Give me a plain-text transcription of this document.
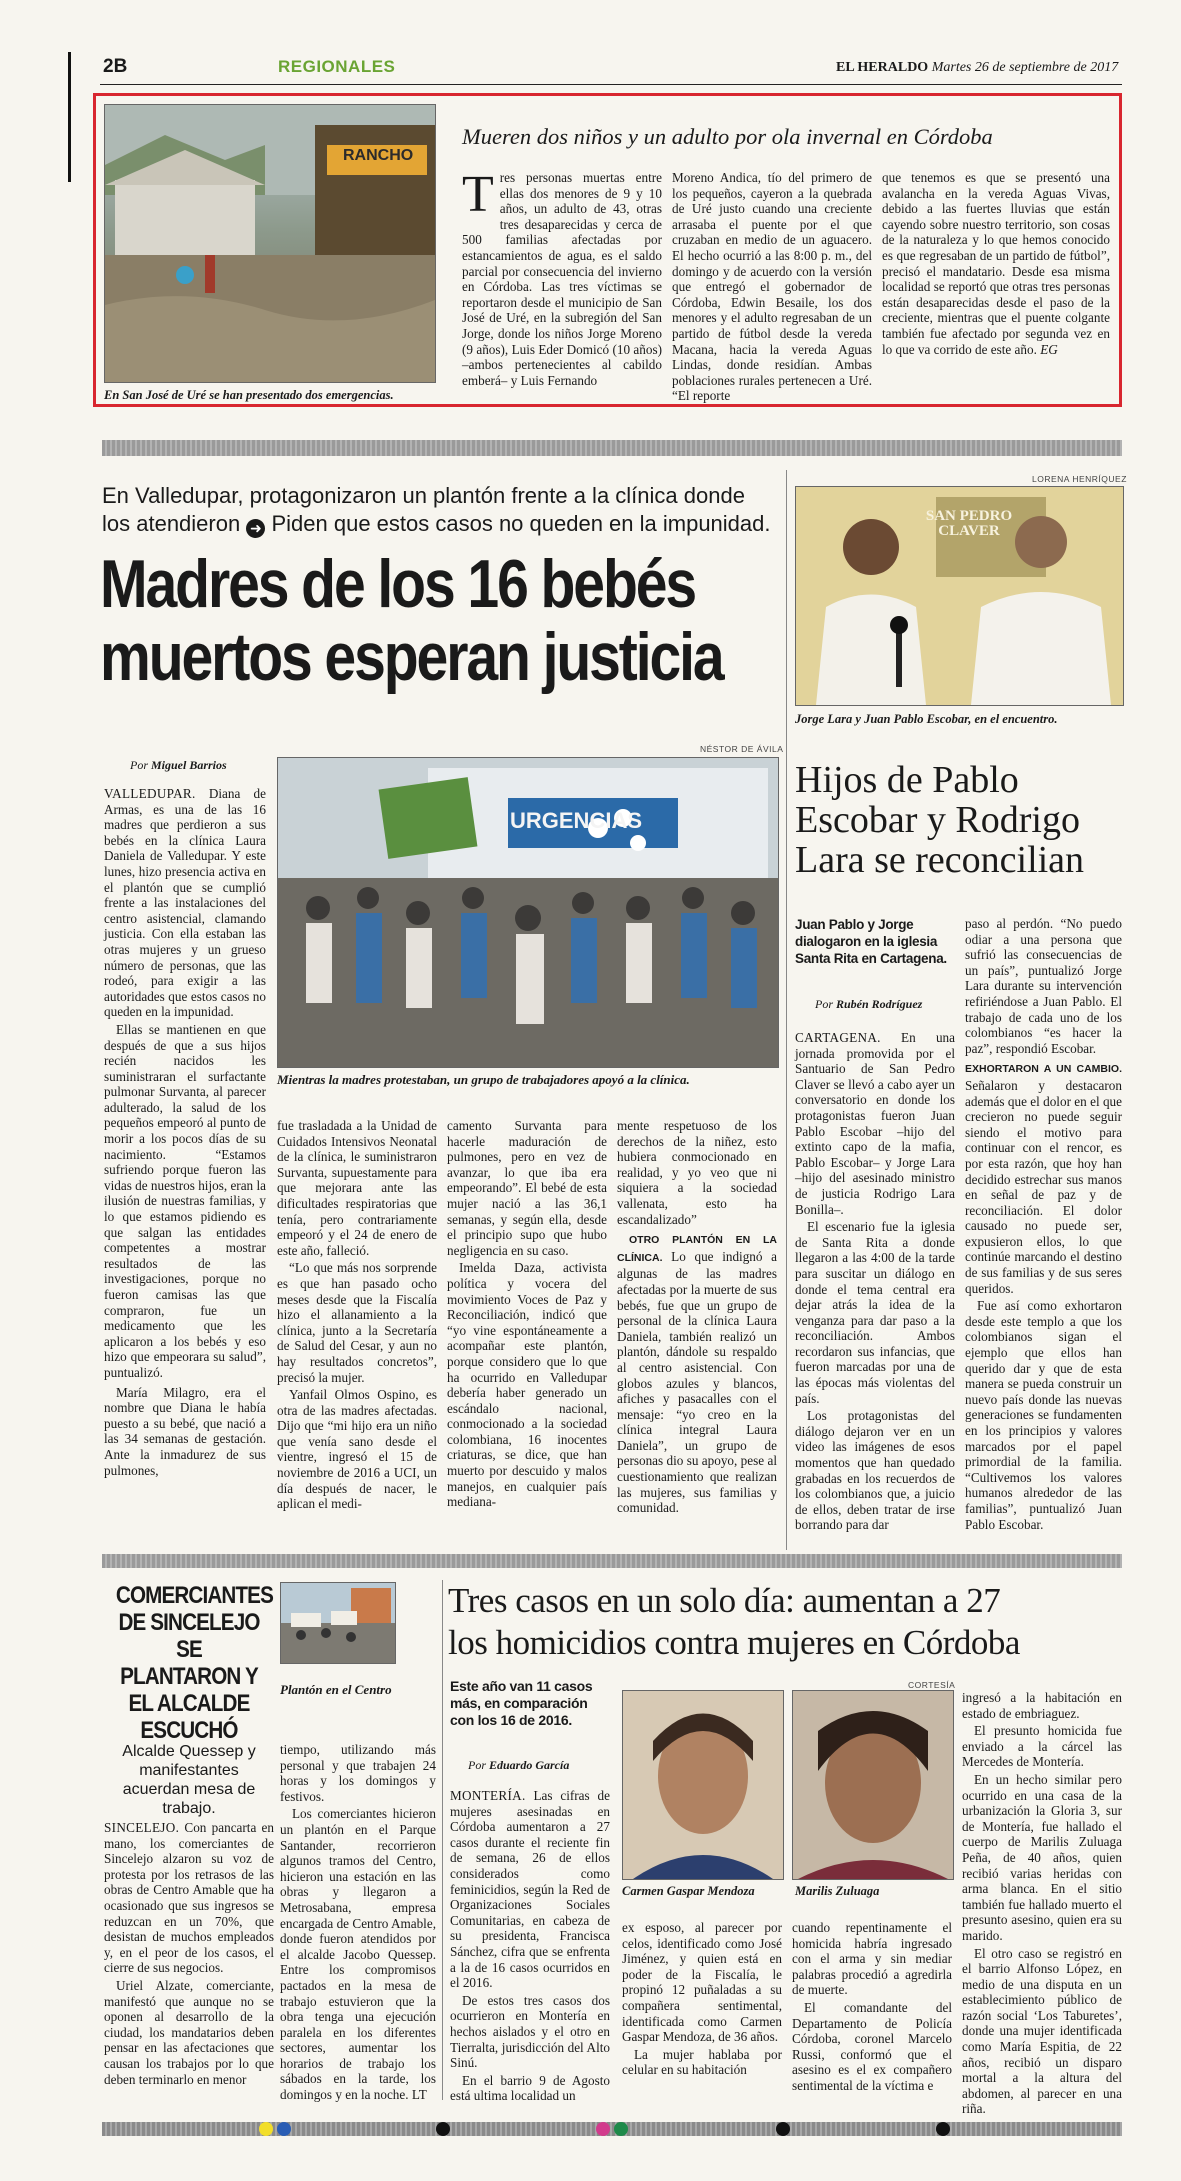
2B	REGIONALES	EL HERALDO Martes 26 de septiembre de 2017
RANCHO
En San José de Uré se han presentado dos emergencias.
Mueren dos niños y un adulto por ola invernal en Córdoba
Tres personas muertas entre ellas dos menores de 9 y 10 años, un adulto de 43, otras tres desaparecidas y cerca de 500 familias afectadas por estancamientos de agua, es el saldo parcial por consecuencia del invierno en Córdoba. Las tres víctimas se reportaron desde el municipio de San José de Uré, en la subregión del San Jorge, donde los niños Jorge Moreno (9 años), Luis Eder Domicó (10 años) –ambos pertenecientes al cabildo emberá– y Luis Fernando
Moreno Andica, tío del primero de los pequeños, cayeron a la quebrada de Uré justo cuando una creciente arrasaba el puente por el que cruzaban en medio de un aguacero. El hecho ocurrió a las 8:00 p. m., del domingo y de acuerdo con la versión que entregó el gobernador de Córdoba, Edwin Besaile, los dos menores y el adulto regresaban de un partido de fútbol desde la vereda Macana, hacia la vereda Aguas Lindas, donde residían. Ambas poblaciones rurales pertenecen a Uré. “El reporte
que tenemos es que se presentó una avalancha en la vereda Aguas Vivas, debido a las fuertes lluvias que están cayendo sobre nuestro territorio, son cosas de la naturaleza y lo que hemos conocido es que regresaban de un partido de fútbol”, precisó el mandatario. Desde esa misma localidad se reportó que otras tres personas están desaparecidas desde el paso de la creciente, mientras que el puente colgante también fue afectado por segunda vez en lo que va corrido de este año. EG
En Valledupar, protagonizaron un plantón frente a la clínica donde
los atendieron ➜ Piden que estos casos no queden en la impunidad.
Madres de los 16 bebés
muertos esperan justicia
NÉSTOR DE ÁVILA
URGENCIAS
Mientras la madres protestaban, un grupo de trabajadores apoyó a la clínica.
Por Miguel Barrios

VALLEDUPAR. Diana de Armas, es una de las 16 madres que perdieron a sus bebés en la clínica Laura Daniela de Valledupar. Y este lunes, hizo presencia activa en el plantón que se cumplió frente a las instalaciones del centro asistencial, clamando justicia. Con ella estaban las otras mujeres y un grueso número de personas, que las rodeó, para exigir a las autoridades que estos casos no queden en la impunidad.

Ellas se mantienen en que después de que a sus hijos recién nacidos les suministraran el surfactante pulmonar Survanta, al parecer adulterado, la salud de los pequeños empeoró al punto de morir a los pocos días de su nacimiento. “Estamos sufriendo porque fueron las vidas de nuestros hijos, eran la ilusión de nuestras familias, y lo que estamos pidiendo es que salgan las entidades competentes a mostrar resultados de las investigaciones, porque no fueron camisas las que compraron, fue un medicamento que les aplicaron a los bebés y eso hizo que empeorara su salud”, puntualizó.

María Milagro, era el nombre que Diana le había puesto a su bebé, que nació a las 34 semanas de gestación. Ante la inmadurez de sus pulmones,

fue trasladada a la Unidad de Cuidados Intensivos Neonatal de la clínica, le suministraron Survanta, supuestamente para que mejorara ante las dificultades respiratorias que tenía, pero contrariamente empeoró y el 24 de enero de este año, falleció.

“Lo que más nos sorprende es que han pasado ocho meses desde que la Fiscalía hizo el allanamiento a la clínica, junto a la Secretaría de Salud del Cesar, y aun no hay resultados concretos”, precisó la mujer.

Yanfail Olmos Ospino, es otra de las madres afectadas. Dijo que “mi hijo era un niño que venía sano desde el vientre, ingresó el 15 de noviembre de 2016 a UCI, un día después de nacer, le aplican el medi-

camento Survanta para hacerle maduración de pulmones, pero en vez de avanzar, lo que iba era empeorando”. El bebé de esta mujer nació a las 36,1 semanas, y según ella, desde el principio supo que hubo negligencia en su caso.

Imelda Daza, activista política y vocera del movimiento Voces de Paz y Reconciliación, indicó que “yo vine espontáneamente a acompañar este plantón, porque considero que lo que ha ocurrido en Valledupar debería haber generado un escándalo nacional, conmocionado a la sociedad colombiana, 16 inocentes criaturas, se dice, que han muerto por descuido y malos manejos, en cualquier país mediana-

mente respetuoso de los derechos de la niñez, esto hubiera conmocionado en realidad, y yo veo que ni siquiera a la sociedad vallenata, esto ha escandalizado”

OTRO PLANTÓN EN LA CLÍNICA. Lo que indignó a algunas de las madres afectadas por la muerte de sus bebés, fue que un grupo de personal de la clínica Laura Daniela, también realizó un plantón, dándole su respaldo al centro asistencial. Con globos azules y blancos, afiches y pasacalles con el mensaje: “yo creo en la clínica integral Laura Daniela”, un grupo de personas dio su apoyo, pese al cuestionamiento que realizan las mujeres, sus familias y comunidad.

LORENA HENRÍQUEZ
SAN PEDRO CLAVER
Jorge Lara y Juan Pablo Escobar, en el encuentro.
Hijos de Pablo Escobar y Rodrigo Lara se reconcilian
Juan Pablo y Jorge dialogaron en la iglesia Santa Rita en Cartagena.
Por Rubén Rodríguez

CARTAGENA. En una jornada promovida por el Santuario de San Pedro Claver se llevó a cabo ayer un conversatorio en donde los protagonistas fueron Juan Pablo Escobar –hijo del extinto capo de la mafia, Pablo Escobar– y Jorge Lara –hijo del asesinado ministro de justicia Rodrigo Lara Bonilla–.

El escenario fue la iglesia de Santa Rita a donde llegaron a las 4:00 de la tarde para suscitar un diálogo en donde el tema central era dejar atrás la idea de la venganza para dar paso a la reconciliación. Ambos recordaron sus infancias, que fueron marcadas por una de las épocas más violentas del país.

Los protagonistas del diálogo dejaron ver en un video las imágenes de esos momentos que han quedado grabadas en los recuerdos de los colombianos que, a juicio de ellos, deben tratar de irse borrando para dar

paso al perdón. “No puedo odiar a una persona que sufrió las consecuencias de un país”, puntualizó Jorge Lara durante su intervención refiriéndose a Juan Pablo. El trabajo de cada uno de los colombianos “es hacer la paz”, respondió Escobar.

EXHORTARON A UN CAMBIO. Señalaron y destacaron además que el dolor en el que crecieron no puede seguir siendo el motivo para continuar con el rencor, es por esta razón, que hoy han decidido estrechar sus manos en señal de paz y de reconciliación. El dolor causado no puede ser, expusieron ellos, lo que continúe marcando el destino de sus familias y de sus seres queridos.

Fue así como exhortaron desde este templo a que los colombianos sigan el ejemplo que ellos han querido dar y que de esta manera se pueda construir un nuevo país donde las nuevas generaciones se fundamenten en los principios y valores marcados por el papel primordial de la familia. “Cultivemos los valores humanos alrededor de las familias”, puntualizó Juan Pablo Escobar.

COMERCIANTES DE SINCELEJO SE PLANTARON Y EL ALCALDE ESCUCHÓ
Plantón en el Centro
Alcalde Quessep y manifestantes acuerdan mesa de trabajo.

SINCELEJO. Con pancarta en mano, los comerciantes de Sincelejo alzaron su voz de protesta por los retrasos de las obras de Centro Amable que ha ocasionado que sus ingresos se reduzcan en un 70%, que desistan de muchos empleados y, en el peor de los casos, el cierre de sus negocios.

Uriel Alzate, comerciante, manifestó que aunque no se oponen al desarrollo de la ciudad, los mandatarios deben pensar en las afectaciones que causan los trabajos por lo que deben terminarlo en menor

tiempo, utilizando más personal y que trabajen 24 horas y los domingos y festivos.

Los comerciantes hicieron un plantón en el Parque Santander, recorrieron algunos tramos del Centro, hicieron una estación en las obras y llegaron a Metrosabana, empresa encargada de Centro Amable, donde fueron atendidos por el alcalde Jacobo Quessep. Entre los compromisos pactados en la mesa de trabajo estuvieron que la obra tenga una ejecución paralela en los diferentes sectores, aumentar los horarios de trabajo los sábados en la tarde, los domingos y en la noche. LT

Tres casos en un solo día: aumentan a 27
los homicidios contra mujeres en Córdoba
Este año van 11 casos más, en comparación con los 16 de 2016.
Por Eduardo García
CORTESÍA
Carmen Gaspar Mendoza	Marilis Zuluaga

MONTERÍA. Las cifras de mujeres asesinadas en Córdoba aumentaron a 27 casos durante el reciente fin de semana, 26 de ellos considerados como feminicidios, según la Red de Organizaciones Sociales Comunitarias, en cabeza de su presidenta, Francisca Sánchez, cifra que se enfrenta a la de 16 casos ocurridos en el 2016.

De estos tres casos dos ocurrieron en Montería en hechos aislados y el otro en Tierralta, jurisdicción del Alto Sinú.

En el barrio 9 de Agosto está ultima localidad un

ex esposo, al parecer por celos, identificado como José Jiménez, y quien está en poder de la Fiscalía, le propinó 12 puñaladas a su compañera sentimental, identificada como Carmen Gaspar Mendoza, de 36 años.

La mujer hablaba por celular en su habitación

cuando repentinamente el homicida habría ingresado con el arma y sin mediar palabras procedió a agredirla de muerte.

El comandante del Departamento de Policía Córdoba, coronel Marcelo Russi, conformó que el asesino es el ex compañero sentimental de la víctima e

ingresó a la habitación en estado de embriaguez.

El presunto homicida fue enviado a la cárcel las Mercedes de Montería.

En un hecho similar pero ocurrido en una casa de la urbanización la Gloria 3, sur de Montería, fue hallado el cuerpo de Marilis Zuluaga Peña, de 40 años, quien recibió varias heridas con arma blanca. En el sitio también fue hallado muerto el presunto asesino, quien era su marido.

El otro caso se registró en el barrio Alfonso López, en medio de una disputa en un establecimiento público de razón social ‘Los Taburetes’, donde una mujer identificada como María Espitia, de 22 años, recibió un disparo mortal a la altura del abdomen, al parecer en una riña.
